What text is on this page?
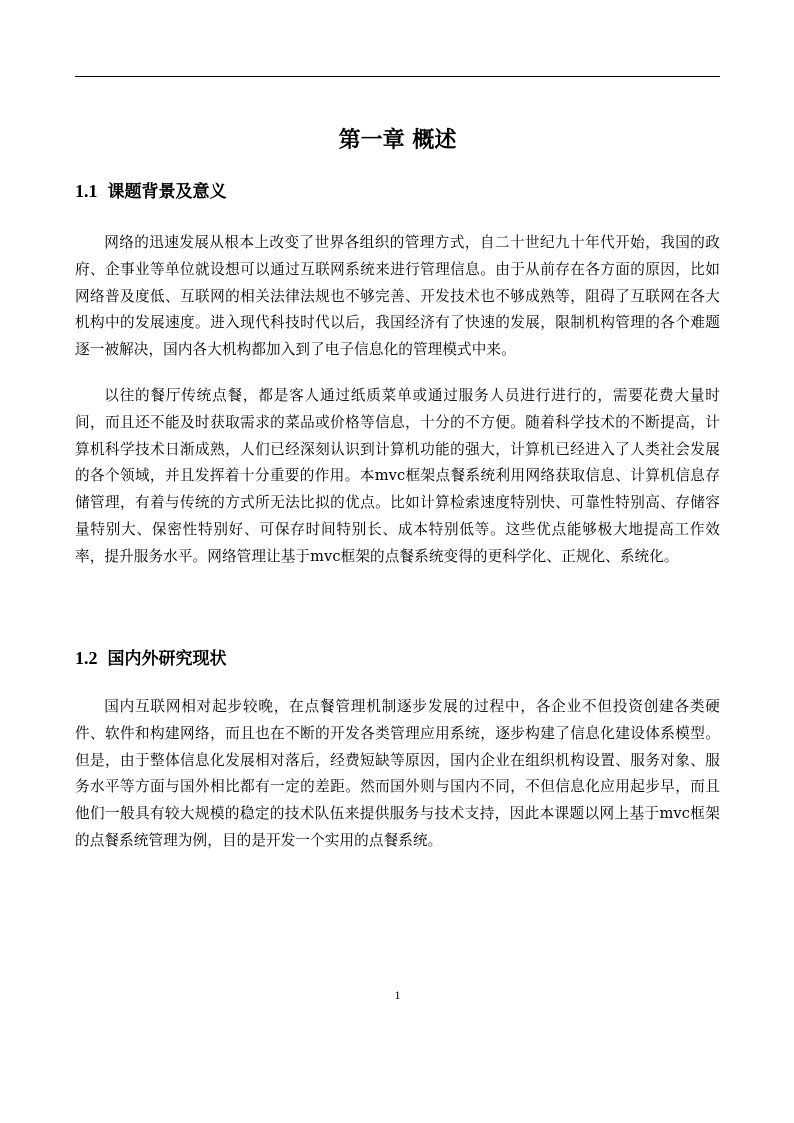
第一章 概述
1.1 课题背景及意义

网络的迅速发展从根本上改变了世界各组织的管理方式，自二十世纪九十年代开始，我国的政府、企事业等单位就设想可以通过互联网系统来进行管理信息。由于从前存在各方面的原因，比如网络普及度低、互联网的相关法律法规也不够完善、开发技术也不够成熟等，阻碍了互联网在各大机构中的发展速度。进入现代科技时代以后，我国经济有了快速的发展，限制机构管理的各个难题逐一被解决，国内各大机构都加入到了电子信息化的管理模式中来。

以往的餐厅传统点餐，都是客人通过纸质菜单或通过服务人员进行进行的，需要花费大量时间，而且还不能及时获取需求的菜品或价格等信息，十分的不方便。随着科学技术的不断提高，计算机科学技术日渐成熟，人们已经深刻认识到计算机功能的强大，计算机已经进入了人类社会发展的各个领域，并且发挥着十分重要的作用。本mvc框架点餐系统利用网络获取信息、计算机信息存储管理，有着与传统的方式所无法比拟的优点。比如计算检索速度特别快、可靠性特别高、存储容量特别大、保密性特别好、可保存时间特别长、成本特别低等。这些优点能够极大地提高工作效率，提升服务水平。网络管理让基于mvc框架的点餐系统变得的更科学化、正规化、系统化。

1.2 国内外研究现状

国内互联网相对起步较晚，在点餐管理机制逐步发展的过程中，各企业不但投资创建各类硬件、软件和构建网络，而且也在不断的开发各类管理应用系统，逐步构建了信息化建设体系模型。但是，由于整体信息化发展相对落后，经费短缺等原因，国内企业在组织机构设置、服务对象、服务水平等方面与国外相比都有一定的差距。然而国外则与国内不同，不但信息化应用起步早，而且他们一般具有较大规模的稳定的技术队伍来提供服务与技术支持，因此本课题以网上基于mvc框架的点餐系统管理为例，目的是开发一个实用的点餐系统。

1
